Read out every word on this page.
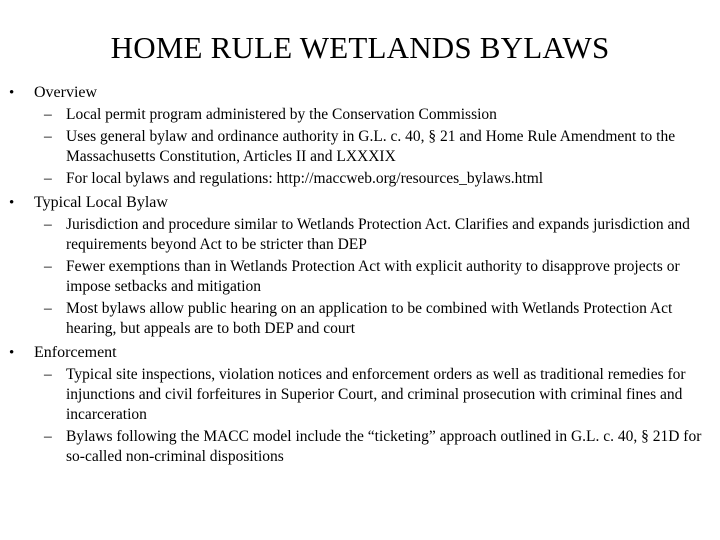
HOME RULE WETLANDS BYLAWS
• Overview
– Local permit program administered by the Conservation Commission
– Uses general bylaw and ordinance authority in G.L. c. 40, § 21 and Home Rule Amendment to the Massachusetts Constitution, Articles II and LXXXIX
– For local bylaws and regulations: http://maccweb.org/resources_bylaws.html
• Typical Local Bylaw
– Jurisdiction and procedure similar to Wetlands Protection Act. Clarifies and expands jurisdiction and requirements beyond Act to be stricter than DEP
– Fewer exemptions than in Wetlands Protection Act with explicit authority to disapprove projects or impose setbacks and mitigation
– Most bylaws allow public hearing on an application to be combined with Wetlands Protection Act hearing, but appeals are to both DEP and court
• Enforcement
– Typical site inspections, violation notices and enforcement orders as well as traditional remedies for injunctions and civil forfeitures in Superior Court, and criminal prosecution with criminal fines and incarceration
– Bylaws following the MACC model include the “ticketing” approach outlined in G.L. c. 40, § 21D for so-called non-criminal dispositions
